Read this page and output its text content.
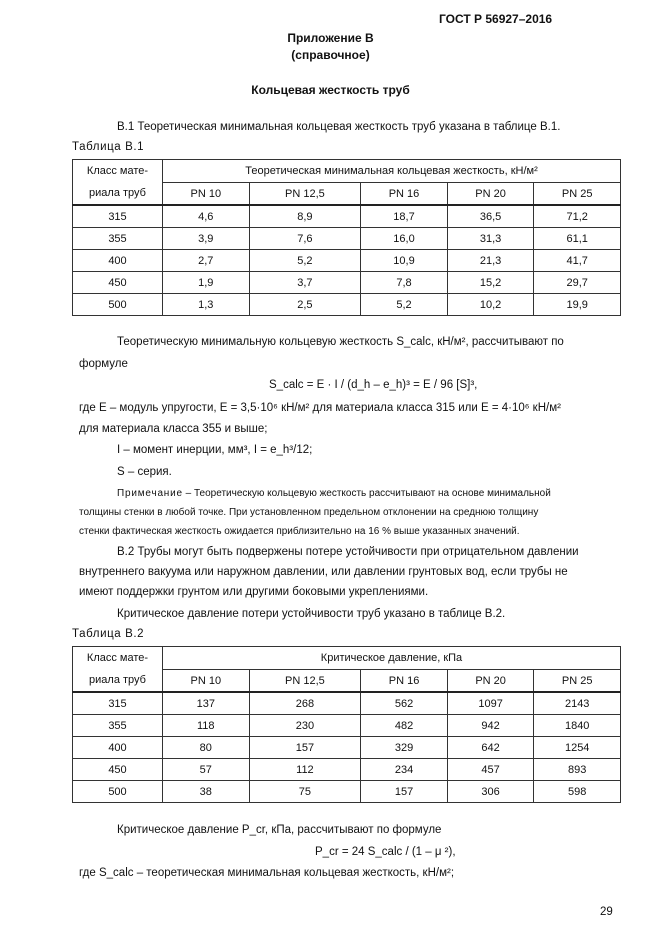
ГОСТ Р 56927–2016
Приложение В
(справочное)
Кольцевая жесткость труб
В.1 Теоретическая минимальная кольцевая жесткость труб указана в таблице В.1.
Таблица В.1
Класс мате-	Теоретическая минимальная кольцевая жесткость, кН/м²				
риала труб	PN 10	PN 12,5	PN 16	PN 20	PN 25
315	4,6	8,9	18,7	36,5	71,2
355	3,9	7,6	16,0	31,3	61,1
400	2,7	5,2	10,9	21,3	41,7
450	1,9	3,7	7,8	15,2	29,7
500	1,3	2,5	5,2	10,2	19,9
Теоретическую минимальную кольцевую жесткость S_calc, кН/м², рассчитывают по
формуле
S_calc = E · I / (d_h – e_h)³ = E / 96 [S]³,
где E – модуль упругости, E = 3,5·10⁶ кН/м² для материала класса 315 или E = 4·10⁶ кН/м²
для материала класса 355 и выше;
I – момент инерции, мм³, I = e_h³/12;
S – серия.
Примечание – Теоретическую кольцевую жесткость рассчитывают на основе минимальной
толщины стенки в любой точке. При установленном предельном отклонении на среднюю толщину
стенки фактическая жесткость ожидается приблизительно на 16 % выше указанных значений.
В.2 Трубы могут быть подвержены потере устойчивости при отрицательном давлении
внутреннего вакуума или наружном давлении, или давлении грунтовых вод, если трубы не
имеют поддержки грунтом или другими боковыми укреплениями.
Критическое давление потери устойчивости труб указано в таблице В.2.
Таблица В.2
Класс мате-	Критическое давление, кПа				
риала труб	PN 10	PN 12,5	PN 16	PN 20	PN 25
315	137	268	562	1097	2143
355	118	230	482	942	1840
400	80	157	329	642	1254
450	57	112	234	457	893
500	38	75	157	306	598
Критическое давление P_cr, кПа, рассчитывают по формуле
P_cr = 24 S_calc / (1 – μ ²),
где S_calc – теоретическая минимальная кольцевая жесткость, кН/м²;
29
